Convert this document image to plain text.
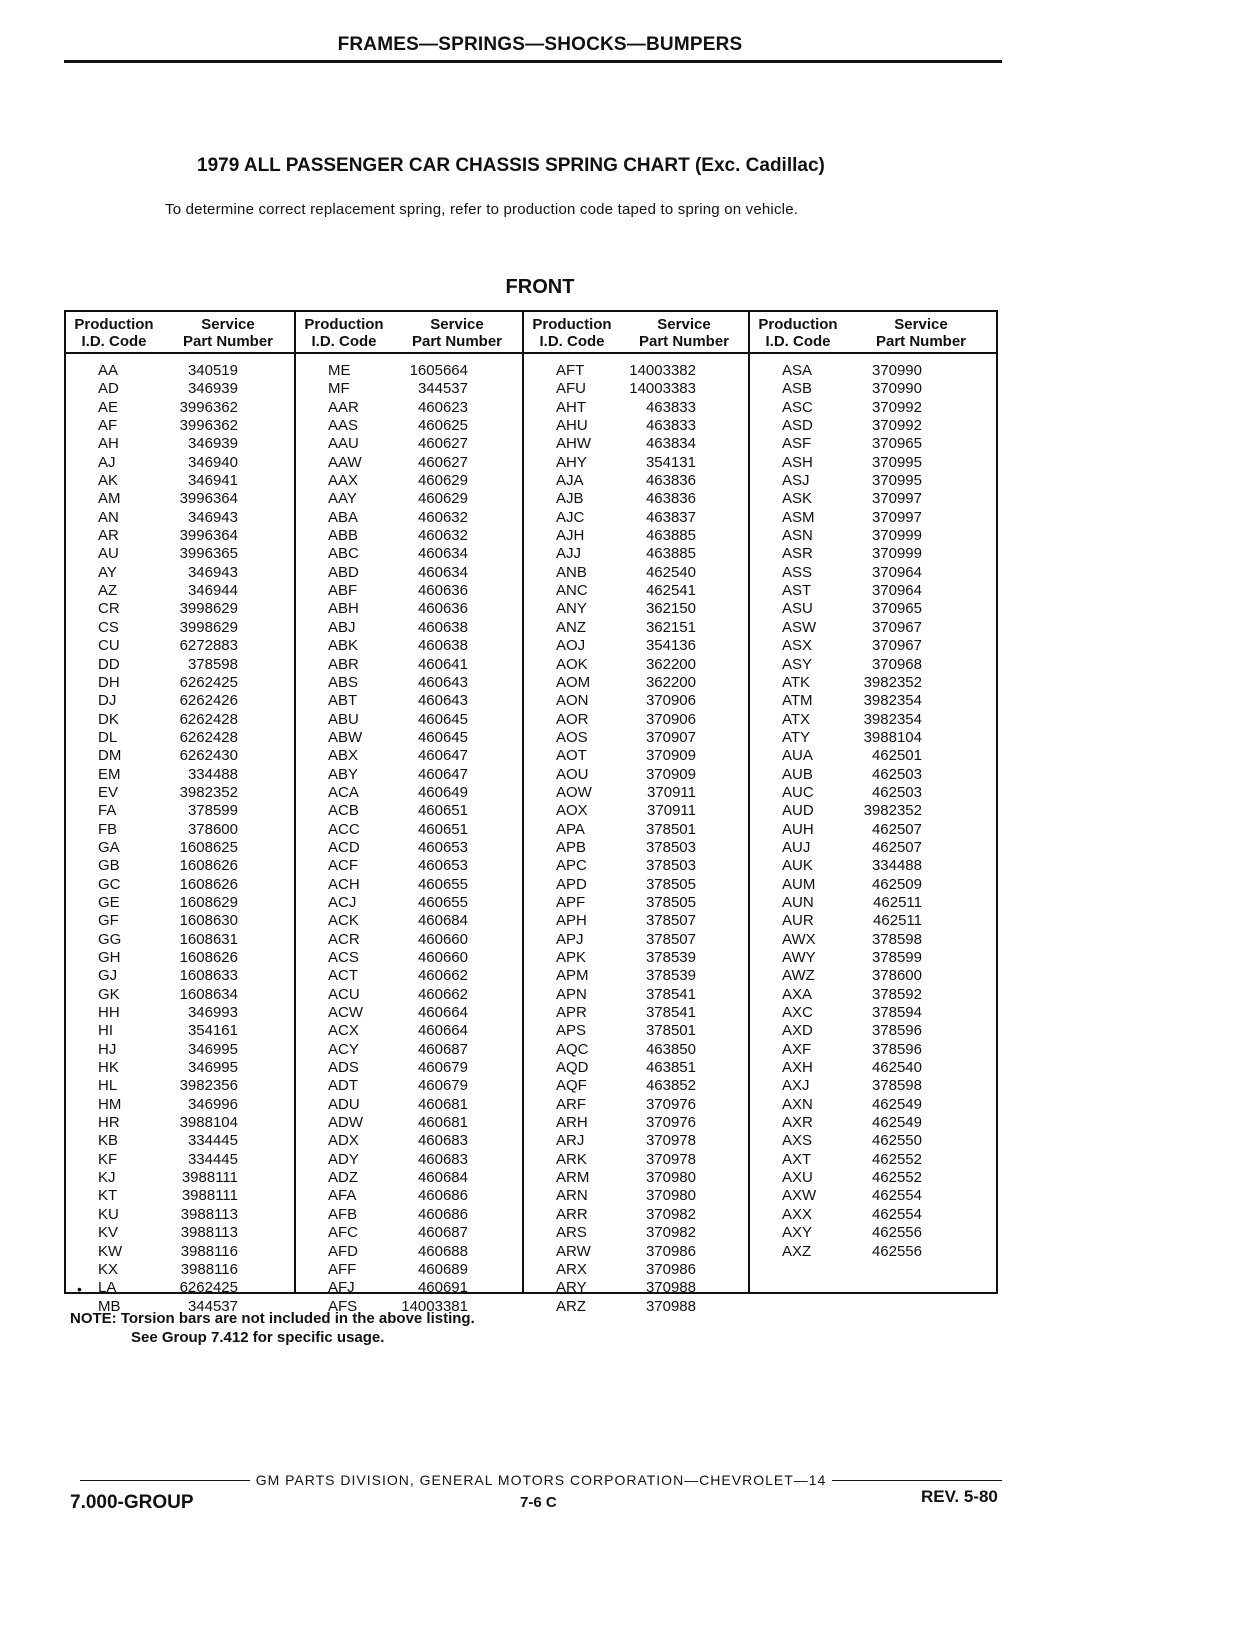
FRAMES—SPRINGS—SHOCKS—BUMPERS
1979 ALL PASSENGER CAR CHASSIS SPRING CHART (Exc. Cadillac)
To determine correct replacement spring, refer to production code taped to spring on vehicle.
FRONT
Production
I.D. Code
Service
Part Number
AA	340519
AD	346939
AE	3996362
AF	3996362
AH	346939
AJ	346940
AK	346941
AM	3996364
AN	346943
AR	3996364
AU	3996365
AY	346943
AZ	346944
CR	3998629
CS	3998629
CU	6272883
DD	378598
DH	6262425
DJ	6262426
DK	6262428
DL	6262428
DM	6262430
EM	334488
EV	3982352
FA	378599
FB	378600
GA	1608625
GB	1608626
GC	1608626
GE	1608629
GF	1608630
GG	1608631
GH	1608626
GJ	1608633
GK	1608634
HH	346993
HI	354161
HJ	346995
HK	346995
HL	3982356
HM	346996
HR	3988104
KB	334445
KF	334445
KJ	3988111
KT	3988111
KU	3988113
KV	3988113
KW	3988116
KX	3988116
LA	6262425
MB	344537
•
Production
I.D. Code
Service
Part Number
ME	1605664
MF	344537
AAR	460623
AAS	460625
AAU	460627
AAW	460627
AAX	460629
AAY	460629
ABA	460632
ABB	460632
ABC	460634
ABD	460634
ABF	460636
ABH	460636
ABJ	460638
ABK	460638
ABR	460641
ABS	460643
ABT	460643
ABU	460645
ABW	460645
ABX	460647
ABY	460647
ACA	460649
ACB	460651
ACC	460651
ACD	460653
ACF	460653
ACH	460655
ACJ	460655
ACK	460684
ACR	460660
ACS	460660
ACT	460662
ACU	460662
ACW	460664
ACX	460664
ACY	460687
ADS	460679
ADT	460679
ADU	460681
ADW	460681
ADX	460683
ADY	460683
ADZ	460684
AFA	460686
AFB	460686
AFC	460687
AFD	460688
AFF	460689
AFJ	460691
AFS	14003381
Production
I.D. Code
Service
Part Number
AFT	14003382
AFU	14003383
AHT	463833
AHU	463833
AHW	463834
AHY	354131
AJA	463836
AJB	463836
AJC	463837
AJH	463885
AJJ	463885
ANB	462540
ANC	462541
ANY	362150
ANZ	362151
AOJ	354136
AOK	362200
AOM	362200
AON	370906
AOR	370906
AOS	370907
AOT	370909
AOU	370909
AOW	370911
AOX	370911
APA	378501
APB	378503
APC	378503
APD	378505
APF	378505
APH	378507
APJ	378507
APK	378539
APM	378539
APN	378541
APR	378541
APS	378501
AQC	463850
AQD	463851
AQF	463852
ARF	370976
ARH	370976
ARJ	370978
ARK	370978
ARM	370980
ARN	370980
ARR	370982
ARS	370982
ARW	370986
ARX	370986
ARY	370988
ARZ	370988
Production
I.D. Code
Service
Part Number
ASA	370990
ASB	370990
ASC	370992
ASD	370992
ASF	370965
ASH	370995
ASJ	370995
ASK	370997
ASM	370997
ASN	370999
ASR	370999
ASS	370964
AST	370964
ASU	370965
ASW	370967
ASX	370967
ASY	370968
ATK	3982352
ATM	3982354
ATX	3982354
ATY	3988104
AUA	462501
AUB	462503
AUC	462503
AUD	3982352
AUH	462507
AUJ	462507
AUK	334488
AUM	462509
AUN	462511
AUR	462511
AWX	378598
AWY	378599
AWZ	378600
AXA	378592
AXC	378594
AXD	378596
AXF	378596
AXH	462540
AXJ	378598
AXN	462549
AXR	462549
AXS	462550
AXT	462552
AXU	462552
AXW	462554
AXX	462554
AXY	462556
AXZ	462556
NOTE: Torsion bars are not included in the above listing.
See Group 7.412 for specific usage.
GM PARTS DIVISION, GENERAL MOTORS CORPORATION—CHEVROLET—14
7.000-GROUP	7-6 C	REV. 5-80
